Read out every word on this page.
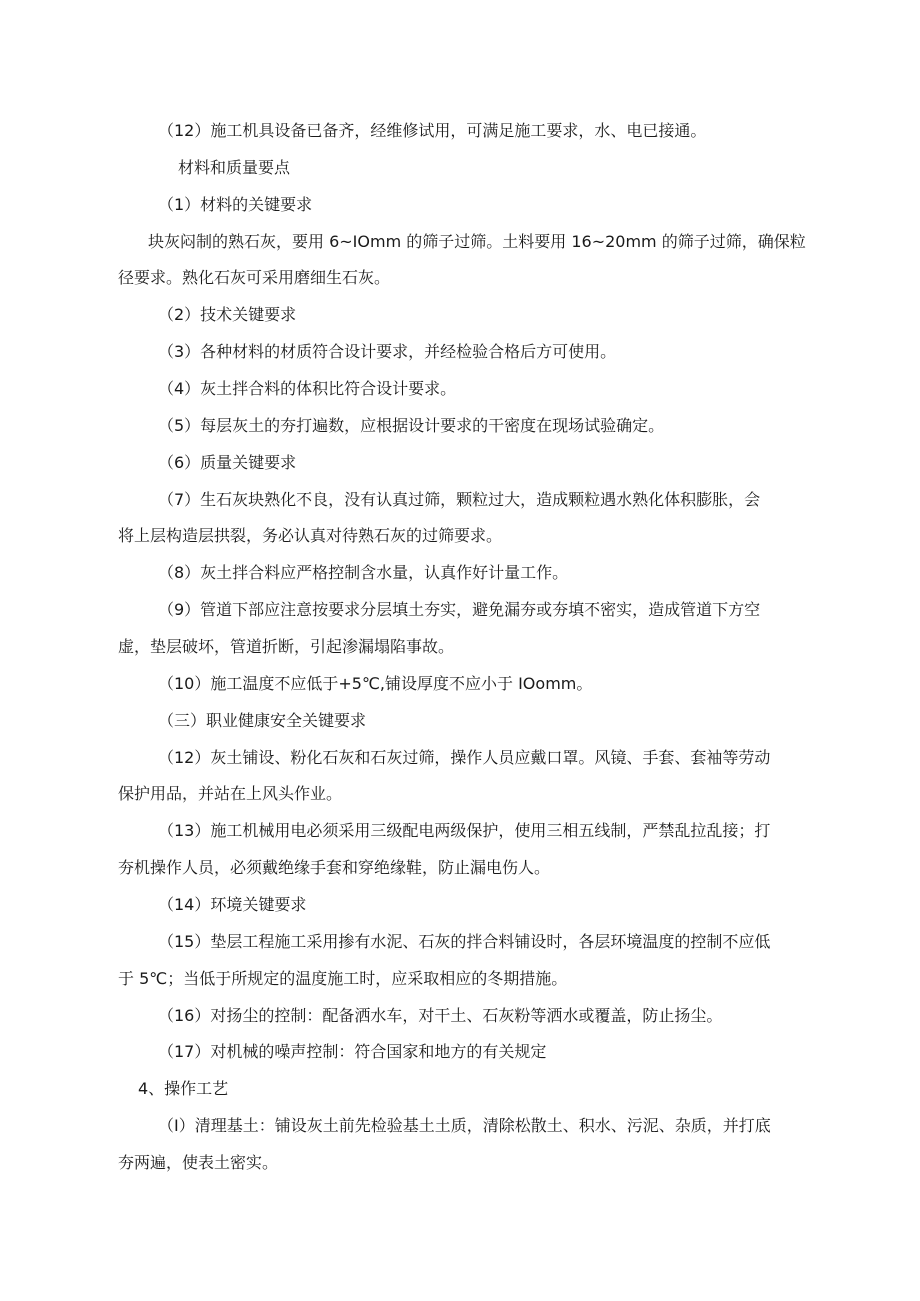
（12）施工机具设备已备齐，经维修试用，可满足施工要求，水、电已接通。
材料和质量要点
（1）材料的关键要求
块灰闷制的熟石灰，要用 6~IOmm 的筛子过筛。土料要用 16~20mm 的筛子过筛，确保粒
径要求。熟化石灰可采用磨细生石灰。
（2）技术关键要求
（3）各种材料的材质符合设计要求，并经检验合格后方可使用。
（4）灰土拌合料的体积比符合设计要求。
（5）每层灰土的夯打遍数，应根据设计要求的干密度在现场试验确定。
（6）质量关键要求
（7）生石灰块熟化不良，没有认真过筛，颗粒过大，造成颗粒遇水熟化体积膨胀，会
将上层构造层拱裂，务必认真对待熟石灰的过筛要求。
（8）灰土拌合料应严格控制含水量，认真作好计量工作。
（9）管道下部应注意按要求分层填土夯实，避免漏夯或夯填不密实，造成管道下方空
虚，垫层破坏，管道折断，引起渗漏塌陷事故。
（10）施工温度不应低于+5℃,铺设厚度不应小于 IOomm。
（三）职业健康安全关键要求
（12）灰土铺设、粉化石灰和石灰过筛，操作人员应戴口罩。风镜、手套、套袖等劳动
保护用品，并站在上风头作业。
（13）施工机械用电必须采用三级配电两级保护，使用三相五线制，严禁乱拉乱接；打
夯机操作人员，必须戴绝缘手套和穿绝缘鞋，防止漏电伤人。
（14）环境关键要求
（15）垫层工程施工采用掺有水泥、石灰的拌合料铺设时，各层环境温度的控制不应低
于 5℃；当低于所规定的温度施工时，应采取相应的冬期措施。
（16）对扬尘的控制：配备洒水车，对干土、石灰粉等洒水或覆盖，防止扬尘。
（17）对机械的噪声控制：符合国家和地方的有关规定
4、操作工艺
（I）清理基土：铺设灰土前先检验基土土质，清除松散土、积水、污泥、杂质，并打底
夯两遍，使表土密实。
